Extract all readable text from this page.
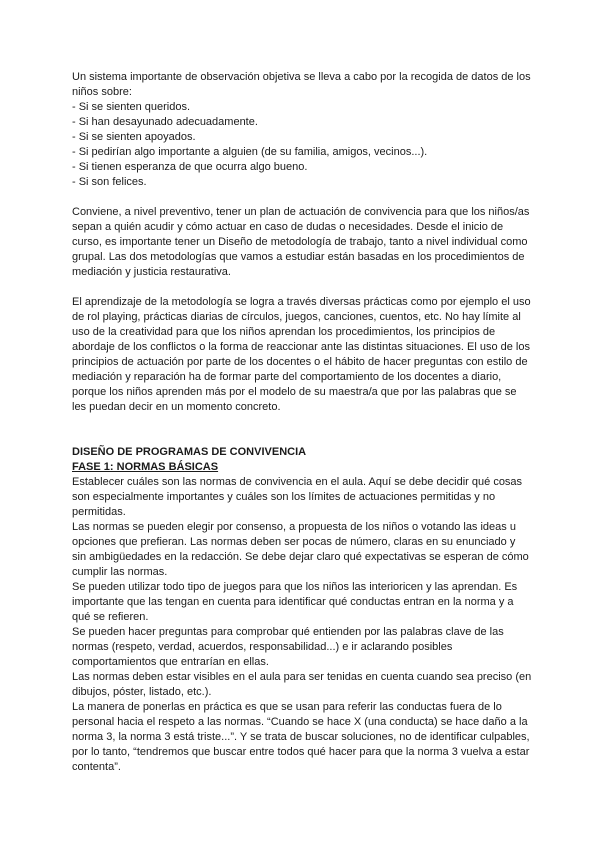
Un sistema importante de observación objetiva se lleva a cabo por la recogida de datos de los niños sobre:

- Si se sienten queridos.
- Si han desayunado adecuadamente.
- Si se sienten apoyados.
- Si pedirían algo importante a alguien (de su familia, amigos, vecinos...).
- Si tienen esperanza de que ocurra algo bueno.
- Si son felices.

Conviene, a nivel preventivo, tener un plan de actuación de convivencia para que los niños/as sepan a quién acudir y cómo actuar en caso de dudas o necesidades. Desde el inicio de curso, es importante tener un Diseño de metodología de trabajo, tanto a nivel individual como grupal. Las dos metodologías que vamos a estudiar están basadas en los procedimientos de mediación y justicia restaurativa.

El aprendizaje de la metodología se logra a través diversas prácticas como por ejemplo el uso de rol playing, prácticas diarias de círculos, juegos, canciones, cuentos, etc. No hay límite al uso de la creatividad para que los niños aprendan los procedimientos, los principios de abordaje de los conflictos o la forma de reaccionar ante las distintas situaciones. El uso de los principios de actuación por parte de los docentes o el hábito de hacer preguntas con estilo de mediación y reparación ha de formar parte del comportamiento de los docentes a diario, porque los niños aprenden más por el modelo de su maestra/a que por las palabras que se les puedan decir en un momento concreto.

DISEÑO DE PROGRAMAS DE CONVIVENCIA
FASE 1: NORMAS BÁSICAS

Establecer cuáles son las normas de convivencia en el aula. Aquí se debe decidir qué cosas son especialmente importantes y cuáles son los límites de actuaciones permitidas y no permitidas.

Las normas se pueden elegir por consenso, a propuesta de los niños o votando las ideas u opciones que prefieran. Las normas deben ser pocas de número, claras en su enunciado y sin ambigüedades en la redacción. Se debe dejar claro qué expectativas se esperan de cómo cumplir las normas.

Se pueden utilizar todo tipo de juegos para que los niños las interioricen y las aprendan. Es importante que las tengan en cuenta para identificar qué conductas entran en la norma y a qué se refieren.

Se pueden hacer preguntas para comprobar qué entienden por las palabras clave de las normas (respeto, verdad, acuerdos, responsabilidad...) e ir aclarando posibles comportamientos que entrarían en ellas.

Las normas deben estar visibles en el aula para ser tenidas en cuenta cuando sea preciso (en dibujos, póster, listado, etc.).

La manera de ponerlas en práctica es que se usan para referir las conductas fuera de lo personal hacia el respeto a las normas. “Cuando se hace X (una conducta) se hace daño a la norma 3, la norma 3 está triste...”. Y se trata de buscar soluciones, no de identificar culpables, por lo tanto, “tendremos que buscar entre todos qué hacer para que la norma 3 vuelva a estar contenta”.
